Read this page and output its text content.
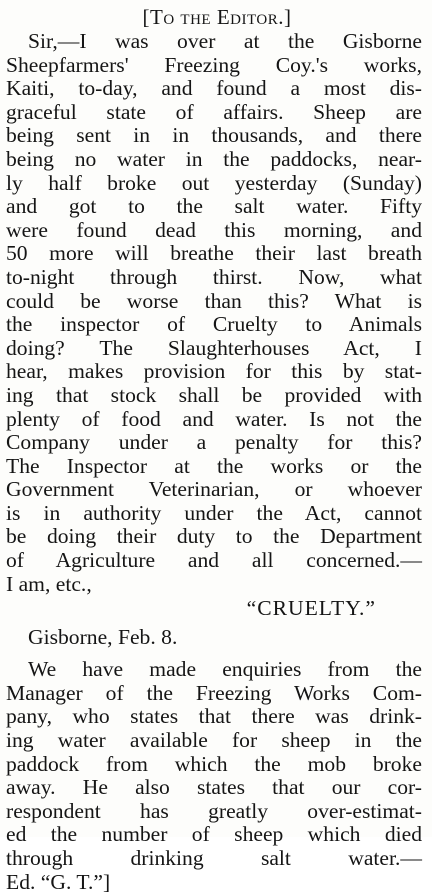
[To the Editor.]
Sir,—I was over at the Gisborne
Sheepfarmers' Freezing Coy.'s works,
Kaiti, to-day, and found a most dis-
graceful state of affairs. Sheep are
being sent in in thousands, and there
being no water in the paddocks, near-
ly half broke out yesterday (Sunday)
and got to the salt water. Fifty
were found dead this morning, and
50 more will breathe their last breath
to-night through thirst. Now, what
could be worse than this? What is
the inspector of Cruelty to Animals
doing? The Slaughterhouses Act, I
hear, makes provision for this by stat-
ing that stock shall be provided with
plenty of food and water. Is not the
Company under a penalty for this?
The Inspector at the works or the
Government Veterinarian, or whoever
is in authority under the Act, cannot
be doing their duty to the Department
of Agriculture and all concerned.—
I am, etc.,
“CRUELTY.”
Gisborne, Feb. 8.
We have made enquiries from the
Manager of the Freezing Works Com-
pany, who states that there was drink-
ing water available for sheep in the
paddock from which the mob broke
away. He also states that our cor-
respondent has greatly over-estimat-
ed the number of sheep which died
through drinking salt water.—
Ed. “G. T.”]
